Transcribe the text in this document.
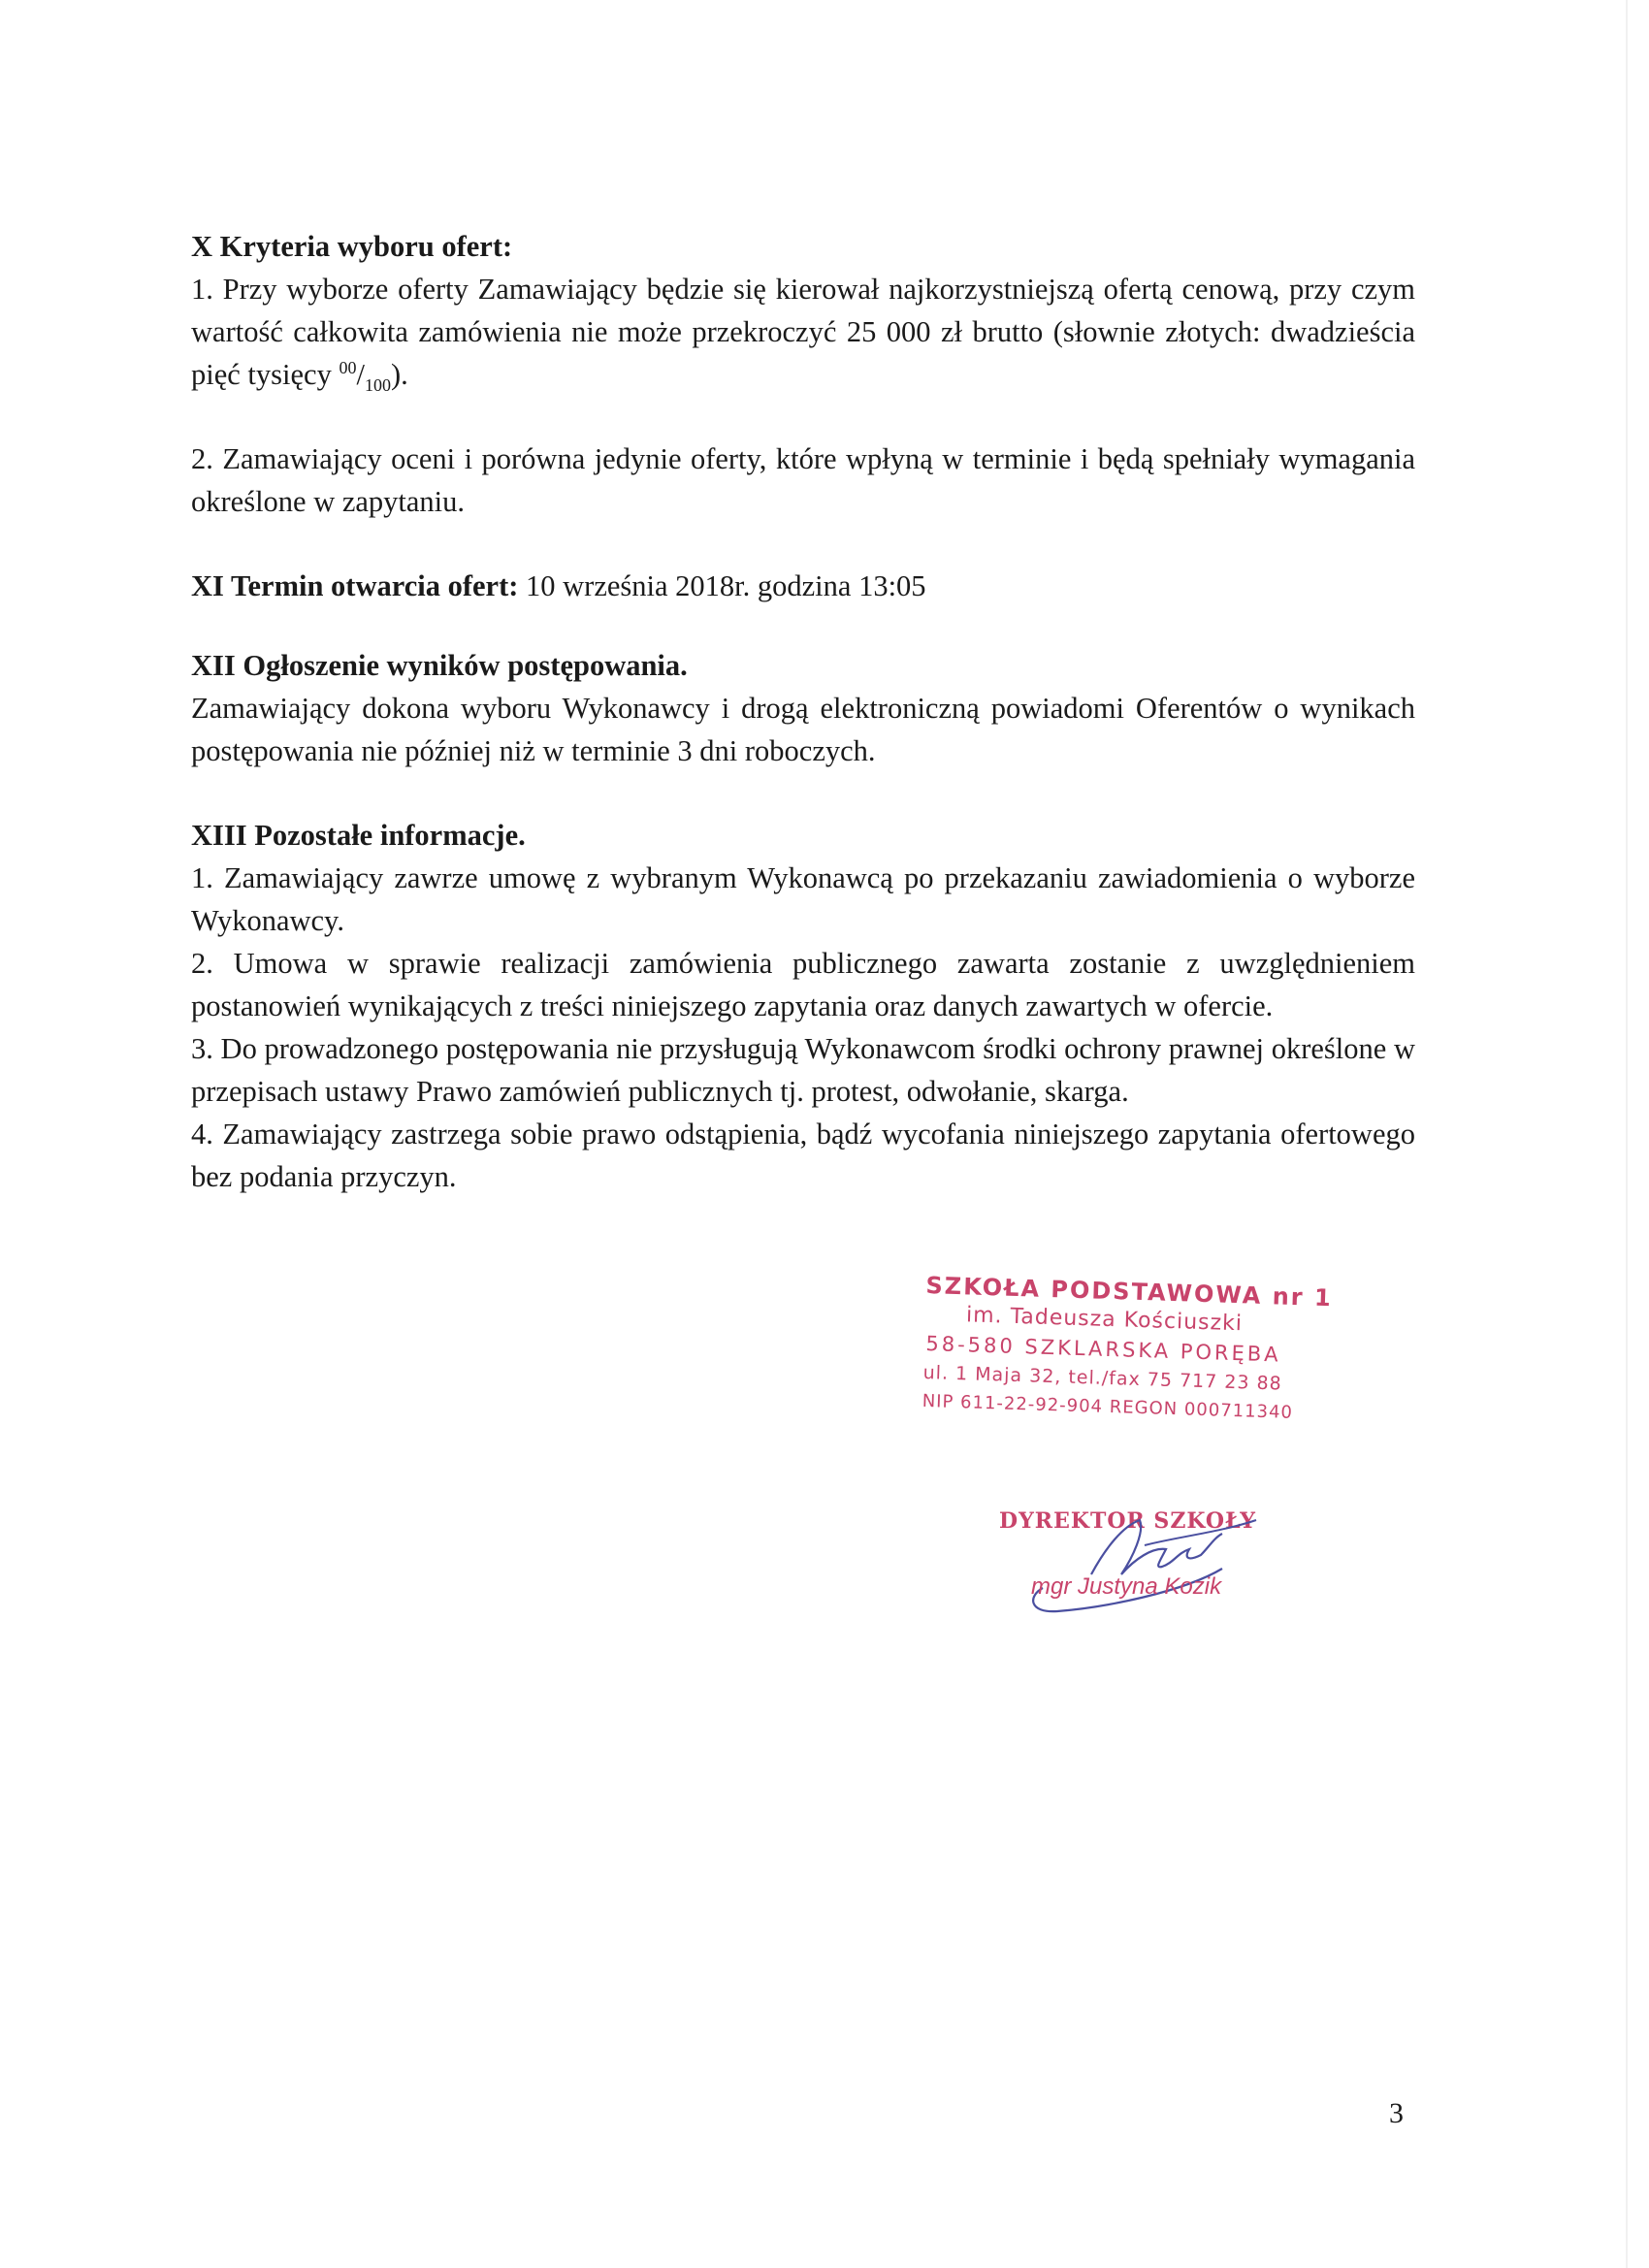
X Kryteria wyboru ofert:
1. Przy wyborze oferty Zamawiający będzie się kierował najkorzystniejszą ofertą cenową, przy czym wartość całkowita zamówienia nie może przekroczyć 25 000 zł brutto (słownie złotych: dwadzieścia pięć tysięcy $^{00}/_{100}$).
2. Zamawiający oceni i porówna jedynie oferty, które wpłyną w terminie i będą spełniały wymagania określone w zapytaniu.
XI Termin otwarcia ofert: 10 września 2018r. godzina 13:05
XII Ogłoszenie wyników postępowania.
Zamawiający dokona wyboru Wykonawcy i drogą elektroniczną powiadomi Oferentów o wynikach postępowania nie później niż w terminie 3 dni roboczych.
XIII Pozostałe informacje.
1. Zamawiający zawrze umowę z wybranym Wykonawcą po przekazaniu zawiadomienia o wyborze Wykonawcy.
2. Umowa w sprawie realizacji zamówienia publicznego zawarta zostanie z uwzględnieniem postanowień wynikających z treści niniejszego zapytania oraz danych zawartych w ofercie.
3. Do prowadzonego postępowania nie przysługują Wykonawcom środki ochrony prawnej określone w przepisach ustawy Prawo zamówień publicznych tj. protest, odwołanie, skarga.
4. Zamawiający zastrzega sobie prawo odstąpienia, bądź wycofania niniejszego zapytania ofertowego bez podania przyczyn.
SZKOŁA PODSTAWOWA nr 1
im. Tadeusza Kościuszki
58-580 SZKLARSKA PORĘBA
ul. 1 Maja 32, tel./fax 75 717 23 88
NIP 611-22-92-904 REGON 000711340
DYREKTOR SZKOŁY
mgr Justyna Kozik
3
